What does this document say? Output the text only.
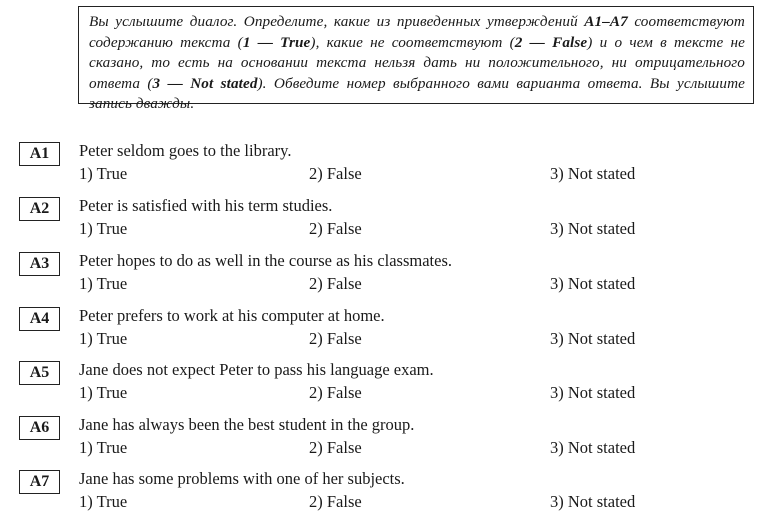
Вы услышите диалог. Определите, какие из приведенных утверждений А1–А7 соответствуют содержанию текста (1 — True), какие не соответствуют (2 — False) и о чем в тексте не сказано, то есть на основании текста нельзя дать ни положительного, ни отрицательного ответа (3 — Not stated). Обведите номер выбранного вами варианта ответа. Вы услышите запись дважды.
A1	Peter seldom goes to the library.
1) True	2) False	3) Not stated
A2	Peter is satisfied with his term studies.
1) True	2) False	3) Not stated
A3	Peter hopes to do as well in the course as his classmates.
1) True	2) False	3) Not stated
A4	Peter prefers to work at his computer at home.
1) True	2) False	3) Not stated
A5	Jane does not expect Peter to pass his language exam.
1) True	2) False	3) Not stated
A6	Jane has always been the best student in the group.
1) True	2) False	3) Not stated
A7	Jane has some problems with one of her subjects.
1) True	2) False	3) Not stated
